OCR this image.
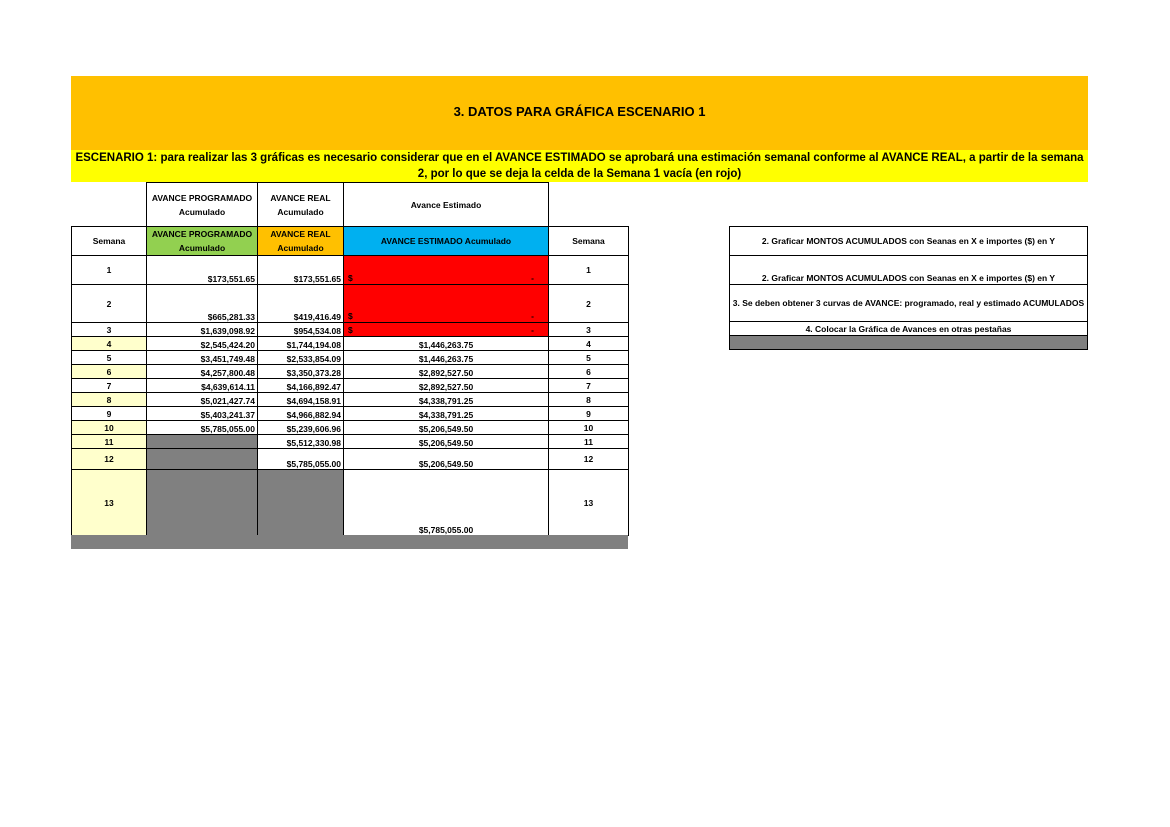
3. DATOS PARA GRÁFICA ESCENARIO 1
ESCENARIO 1: para realizar las 3 gráficas es necesario considerar que en el AVANCE ESTIMADO se aprobará una estimación semanal conforme al AVANCE REAL, a partir de la semana 2, por lo que se deja la celda de la Semana 1 vacía (en rojo)
	AVANCE PROGRAMADO Acumulado	AVANCE REAL Acumulado	Avance Estimado	
Semana	AVANCE PROGRAMADO Acumulado	AVANCE REAL Acumulado	AVANCE ESTIMADO Acumulado	Semana
1	$173,551.65	$173,551.65	$ -	1
2	$665,281.33	$419,416.49	$ -	2
3	$1,639,098.92	$954,534.08	$ -	3
4	$2,545,424.20	$1,744,194.08	$1,446,263.75	4
5	$3,451,749.48	$2,533,854.09	$1,446,263.75	5
6	$4,257,800.48	$3,350,373.28	$2,892,527.50	6
7	$4,639,614.11	$4,166,892.47	$2,892,527.50	7
8	$5,021,427.74	$4,694,158.91	$4,338,791.25	8
9	$5,403,241.37	$4,966,882.94	$4,338,791.25	9
10	$5,785,055.00	$5,239,606.96	$5,206,549.50	10
11		$5,512,330.98	$5,206,549.50	11
12		$5,785,055.00	$5,206,549.50	12
13			$5,785,055.00	13
2. Graficar MONTOS ACUMULADOS con Seanas en X e importes ($) en Y
2. Graficar MONTOS ACUMULADOS con Seanas en X e importes ($) en Y
3. Se deben obtener 3 curvas de AVANCE: programado, real y estimado ACUMULADOS
4. Colocar la Gráfica de Avances en otras pestañas
